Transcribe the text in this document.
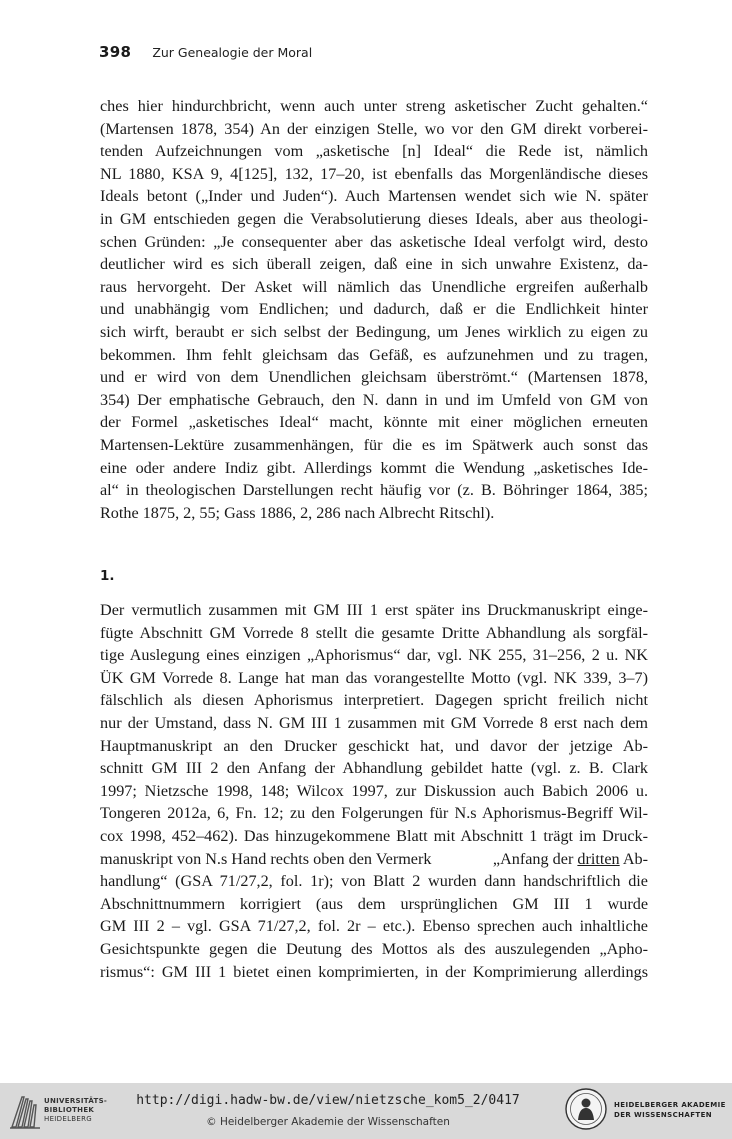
398 Zur Genealogie der Moral

ches hier hindurchbricht, wenn auch unter streng asketischer Zucht gehalten.“
(Martensen 1878, 354) An der einzigen Stelle, wo vor den GM direkt vorberei-
tenden Aufzeichnungen vom „asketische [n] Ideal“ die Rede ist, nämlich
NL 1880, KSA 9, 4[125], 132, 17–20, ist ebenfalls das Morgenländische dieses
Ideals betont („Inder und Juden“). Auch Martensen wendet sich wie N. später
in GM entschieden gegen die Verabsolutierung dieses Ideals, aber aus theologi-
schen Gründen: „Je consequenter aber das asketische Ideal verfolgt wird, desto
deutlicher wird es sich überall zeigen, daß eine in sich unwahre Existenz, da-
raus hervorgeht. Der Asket will nämlich das Unendliche ergreifen außerhalb
und unabhängig vom Endlichen; und dadurch, daß er die Endlichkeit hinter
sich wirft, beraubt er sich selbst der Bedingung, um Jenes wirklich zu eigen zu
bekommen. Ihm fehlt gleichsam das Gefäß, es aufzunehmen und zu tragen,
und er wird von dem Unendlichen gleichsam überströmt.“ (Martensen 1878,
354) Der emphatische Gebrauch, den N. dann in und im Umfeld von GM von
der Formel „asketisches Ideal“ macht, könnte mit einer möglichen erneuten
Martensen-Lektüre zusammenhängen, für die es im Spätwerk auch sonst das
eine oder andere Indiz gibt. Allerdings kommt die Wendung „asketisches Ide-
al“ in theologischen Darstellungen recht häufig vor (z. B. Böhringer 1864, 385;
Rothe 1875, 2, 55; Gass 1886, 2, 286 nach Albrecht Ritschl).

1.

Der vermutlich zusammen mit GM III 1 erst später ins Druckmanuskript einge-
fügte Abschnitt GM Vorrede 8 stellt die gesamte Dritte Abhandlung als sorgfäl-
tige Auslegung eines einzigen „Aphorismus“ dar, vgl. NK 255, 31–256, 2 u. NK
ÜK GM Vorrede 8. Lange hat man das vorangestellte Motto (vgl. NK 339, 3–7)
fälschlich als diesen Aphorismus interpretiert. Dagegen spricht freilich nicht
nur der Umstand, dass N. GM III 1 zusammen mit GM Vorrede 8 erst nach dem
Hauptmanuskript an den Drucker geschickt hat, und davor der jetzige Ab-
schnitt GM III 2 den Anfang der Abhandlung gebildet hatte (vgl. z. B. Clark
1997; Nietzsche 1998, 148; Wilcox 1997, zur Diskussion auch Babich 2006 u.
Tongeren 2012a, 6, Fn. 12; zu den Folgerungen für N.s Aphorismus-Begriff Wil-
cox 1998, 452–462). Das hinzugekommene Blatt mit Abschnitt 1 trägt im Druck-
manuskript von N.s Hand rechts oben den Vermerk	„Anfang der dritten Ab-
handlung“ (GSA 71/27,2, fol. 1r); von Blatt 2 wurden dann handschriftlich die
Abschnittnummern korrigiert (aus dem ursprünglichen GM III 1 wurde
GM III 2 – vgl. GSA 71/27,2, fol. 2r – etc.). Ebenso sprechen auch inhaltliche
Gesichtspunkte gegen die Deutung des Mottos als des auszulegenden „Apho-
rismus“: GM III 1 bietet einen komprimierten, in der Komprimierung allerdings

UNIVERSITÄTS-
BIBLIOTHEK
HEIDELBERG
http://digi.hadw-bw.de/view/nietzsche_kom5_2/0417
© Heidelberger Akademie der Wissenschaften
HEIDELBERGER AKADEMIE
DER WISSENSCHAFTEN
